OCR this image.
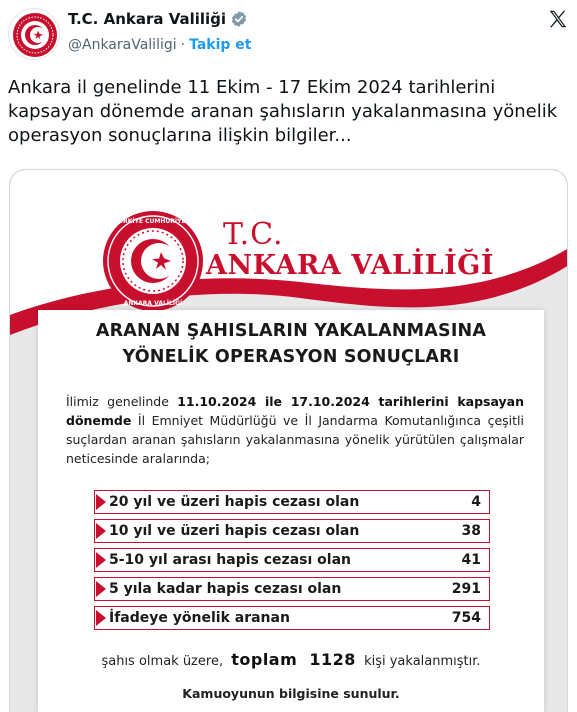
T.C. Ankara Valiliği
@AnkaraValiligi · Takip et
Ankara il genelinde 11 Ekim - 17 Ekim 2024 tarihlerini kapsayan dönemde aranan şahısların yakalanmasına yönelik operasyon sonuçlarına ilişkin bilgiler...
TÜRKİYE CUMHURİYETİ
ANKARA VALİLİĞİ
T.C.
ANKARA VALİLİĞİ
ARANAN ŞAHISLARIN YAKALANMASINA
YÖNELİK OPERASYON SONUÇLARI
İlimiz genelinde 11.10.2024 ile 17.10.2024 tarihlerini kapsayan dönemde İl Emniyet Müdürlüğü ve İl Jandarma Komutanlığınca çeşitli suçlardan aranan şahısların yakalanmasına yönelik yürütülen çalışmalar neticesinde aralarında;
20 yıl ve üzeri hapis cezası olan	4
10 yıl ve üzeri hapis cezası olan	38
5-10 yıl arası hapis cezası olan	41
5 yıla kadar hapis cezası olan	291
İfadeye yönelik aranan	754
şahıs olmak üzere, toplam 1128 kişi yakalanmıştır.
Kamuoyunun bilgisine sunulur.
